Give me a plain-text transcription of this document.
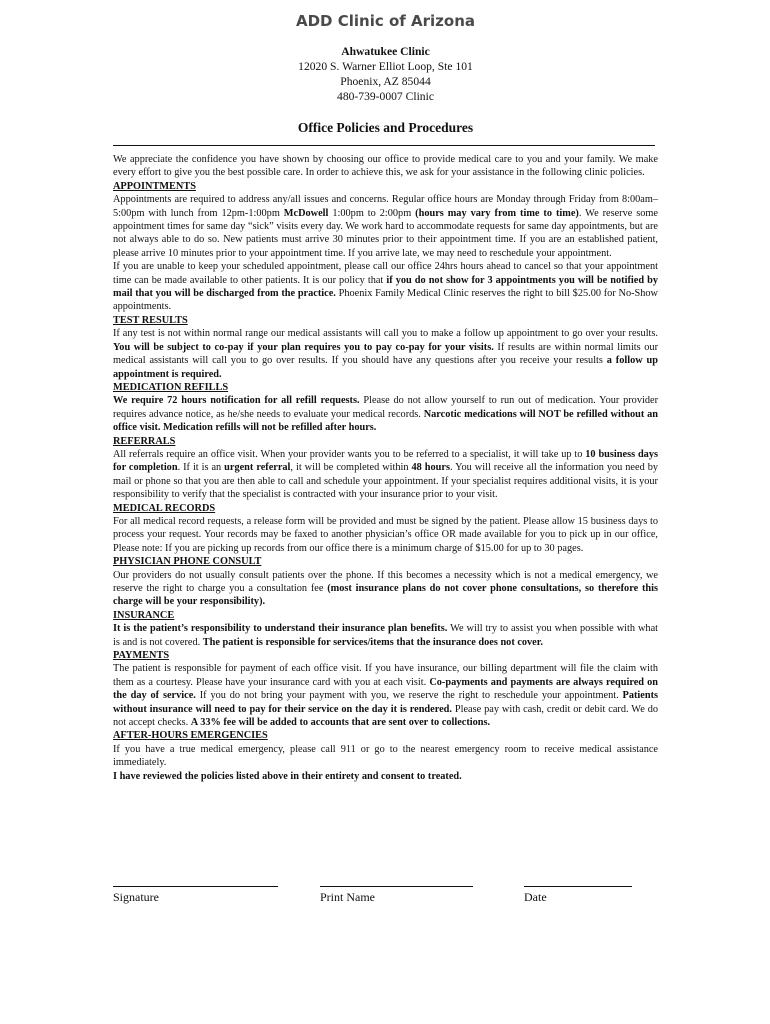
ADD Clinic of Arizona
Ahwatukee Clinic
12020 S. Warner Elliot Loop, Ste 101
Phoenix, AZ 85044
480-739-0007 Clinic
Office Policies and Procedures

We appreciate the confidence you have shown by choosing our office to provide medical care to you and your family. We make every effort to give you the best possible care. In order to achieve this, we ask for your assistance in the following clinic policies.

APPOINTMENTS

Appointments are required to address any/all issues and concerns. Regular office hours are Monday through Friday from 8:00am–5:00pm with lunch from 12pm-1:00pm McDowell 1:00pm to 2:00pm (hours may vary from time to time). We reserve some appointment times for same day “sick” visits every day. We work hard to accommodate requests for same day appointments, but are not always able to do so. New patients must arrive 30 minutes prior to their appointment time. If you are an established patient, please arrive 10 minutes prior to your appointment time. If you arrive late, we may need to reschedule your appointment.

If you are unable to keep your scheduled appointment, please call our office 24hrs hours ahead to cancel so that your appointment time can be made available to other patients. It is our policy that if you do not show for 3 appointments you will be notified by mail that you will be discharged from the practice. Phoenix Family Medical Clinic reserves the right to bill $25.00 for No-Show appointments.

TEST RESULTS

If any test is not within normal range our medical assistants will call you to make a follow up appointment to go over your results. You will be subject to co-pay if your plan requires you to pay co-pay for your visits. If results are within normal limits our medical assistants will call you to go over results. If you should have any questions after you receive your results a follow up appointment is required.

MEDICATION REFILLS

We require 72 hours notification for all refill requests. Please do not allow yourself to run out of medication. Your provider requires advance notice, as he/she needs to evaluate your medical records. Narcotic medications will NOT be refilled without an office visit. Medication refills will not be refilled after hours.

REFERRALS

All referrals require an office visit. When your provider wants you to be referred to a specialist, it will take up to 10 business days for completion. If it is an urgent referral, it will be completed within 48 hours. You will receive all the information you need by mail or phone so that you are then able to call and schedule your appointment. If your specialist requires additional visits, it is your responsibility to verify that the specialist is contracted with your insurance prior to your visit.

MEDICAL RECORDS

For all medical record requests, a release form will be provided and must be signed by the patient. Please allow 15 business days to process your request. Your records may be faxed to another physician’s office OR made available for you to pick up in our office, Please note: If you are picking up records from our office there is a minimum charge of $15.00 for up to 30 pages.

PHYSICIAN PHONE CONSULT

Our providers do not usually consult patients over the phone. If this becomes a necessity which is not a medical emergency, we reserve the right to charge you a consultation fee (most insurance plans do not cover phone consultations, so therefore this charge will be your responsibility).

INSURANCE

It is the patient’s responsibility to understand their insurance plan benefits. We will try to assist you when possible with what is and is not covered. The patient is responsible for services/items that the insurance does not cover.

PAYMENTS

The patient is responsible for payment of each office visit. If you have insurance, our billing department will file the claim with them as a courtesy. Please have your insurance card with you at each visit. Co-payments and payments are always required on the day of service. If you do not bring your payment with you, we reserve the right to reschedule your appointment. Patients without insurance will need to pay for their service on the day it is rendered. Please pay with cash, credit or debit card. We do not accept checks. A 33% fee will be added to accounts that are sent over to collections.

AFTER-HOURS EMERGENCIES

If you have a true medical emergency, please call 911 or go to the nearest emergency room to receive medical assistance immediately.

I have reviewed the policies listed above in their entirety and consent to treated.

Signature	Print Name	Date
